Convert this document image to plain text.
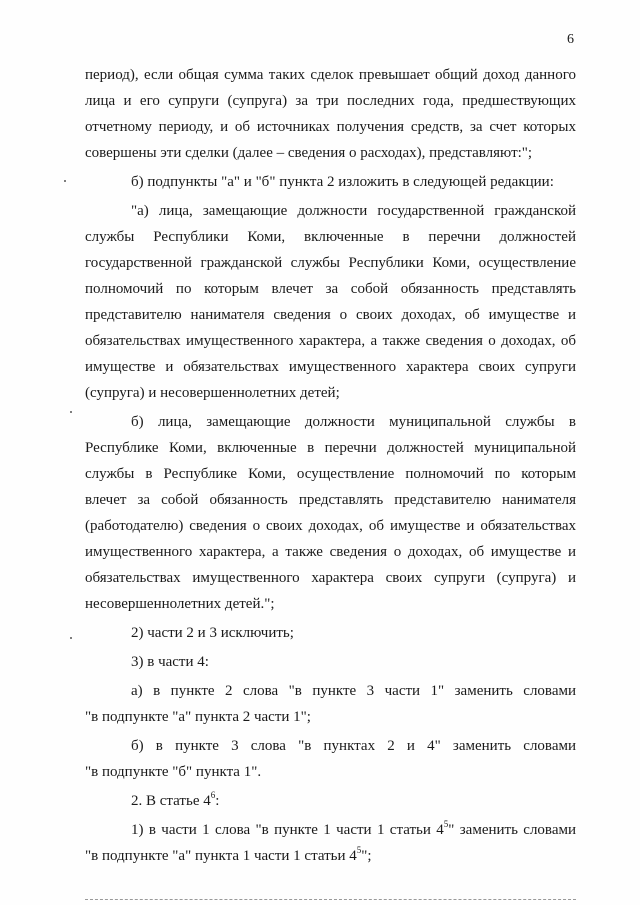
6
период), если общая сумма таких сделок превышает общий доход данного
лица и его супруги (супруга) за три последних года, предшествующих
отчетному периоду, и об источниках получения средств, за счет которых
совершены эти сделки (далее – сведения о расходах), представляют:";
б) подпункты "а" и "б" пункта 2 изложить в следующей редакции:
"а) лица, замещающие должности государственной гражданской
службы Республики Коми, включенные в перечни должностей
государственной гражданской службы Республики Коми, осуществление
полномочий по которым влечет за собой обязанность представлять
представителю нанимателя сведения о своих доходах, об имуществе и
обязательствах имущественного характера, а также сведения о доходах, об
имуществе и обязательствах имущественного характера своих супруги
(супруга) и несовершеннолетних детей;
б) лица, замещающие должности муниципальной службы в
Республике Коми, включенные в перечни должностей муниципальной
службы в Республике Коми, осуществление полномочий по которым
влечет за собой обязанность представлять представителю нанимателя
(работодателю) сведения о своих доходах, об имуществе и обязательствах
имущественного характера, а также сведения о доходах, об имуществе и
обязательствах имущественного характера своих супруги (супруга) и
несовершеннолетних детей.";
2) части 2 и 3 исключить;
3) в части 4:
а) в пункте 2 слова "в пункте 3 части 1" заменить словами
"в подпункте "а" пункта 2 части 1";
б) в пункте 3 слова "в пунктах 2 и 4" заменить словами
"в подпункте "б" пункта 1".
2. В статье $4^6$:
1) в части 1 слова "в пункте 1 части 1 статьи $4^5$" заменить словами
"в подпункте "а" пункта 1 части 1 статьи $4^5$";
